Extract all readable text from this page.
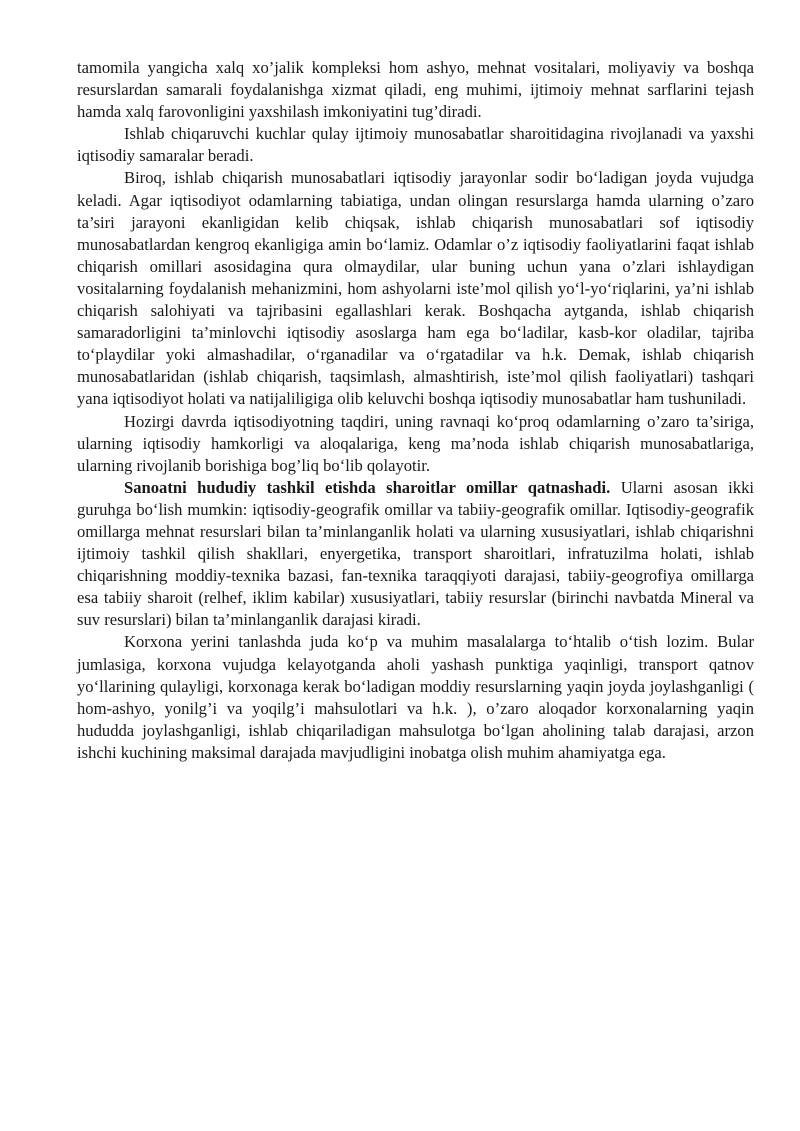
tamomila yangicha xalq xo’jalik kompleksi hom ashyo, mehnat vositalari, moliyaviy va boshqa resurslardan samarali foydalanishga xizmat qiladi, eng muhimi, ijtimoiy mehnat sarflarini tejash hamda xalq farovonligini yaxshilash imkoniyatini tug’diradi.

Ishlab chiqaruvchi kuchlar qulay ijtimoiy munosabatlar sharoitidagina rivojlanadi va yaxshi iqtisodiy samaralar beradi.

Biroq, ishlab chiqarish munosabatlari iqtisodiy jarayonlar sodir bo‘ladigan joyda vujudga keladi. Agar iqtisodiyot odamlarning tabiatiga, undan olingan resurslarga hamda ularning o’zaro ta’siri jarayoni ekanligidan kelib chiqsak, ishlab chiqarish munosabatlari sof iqtisodiy munosabatlardan kengroq ekanligiga amin bo‘lamiz. Odamlar o’z iqtisodiy faoliyatlarini faqat ishlab chiqarish omillari asosidagina qura olmaydilar, ular buning uchun yana o’zlari ishlaydigan vositalarning foydalanish mehanizmini, hom ashyolarni iste’mol qilish yo‘l-yo‘riqlarini, ya’ni ishlab chiqarish salohiyati va tajribasini egallashlari kerak. Boshqacha aytganda, ishlab chiqarish samaradorligini ta’minlovchi iqtisodiy asoslarga ham ega bo‘ladilar, kasb-kor oladilar, tajriba to‘playdilar yoki almashadilar, o‘rganadilar va o‘rgatadilar va h.k. Demak, ishlab chiqarish munosabatlaridan (ishlab chiqarish, taqsimlash, almashtirish, iste’mol qilish faoliyatlari) tashqari yana iqtisodiyot holati va natijaliligiga olib keluvchi boshqa iqtisodiy munosabatlar ham tushuniladi.

Hozirgi davrda iqtisodiyotning taqdiri, uning ravnaqi ko‘proq odamlarning o’zaro ta’siriga, ularning iqtisodiy hamkorligi va aloqalariga, keng ma’noda ishlab chiqarish munosabatlariga, ularning rivojlanib borishiga bog’liq bo‘lib qolayotir.

Sanoatni hududiy tashkil etishda sharoitlar omillar qatnashadi. Ularni asosan ikki guruhga bo‘lish mumkin: iqtisodiy-geografik omillar va tabiiy-geografik omillar. Iqtisodiy-geografik omillarga mehnat resurslari bilan ta’minlanganlik holati va ularning xususiyatlari, ishlab chiqarishni ijtimoiy tashkil qilish shakllari, enyergetika, transport sharoitlari, infratuzilma holati, ishlab chiqarishning moddiy-texnika bazasi, fan-texnika taraqqiyoti darajasi, tabiiy-geogrofiya omillarga esa tabiiy sharoit (relhef, iklim kabilar) xususiyatlari, tabiiy resurslar (birinchi navbatda Mineral va suv resurslari) bilan ta’minlanganlik darajasi kiradi.

Korxona yerini tanlashda juda ko‘p va muhim masalalarga to‘htalib o‘tish lozim. Bular jumlasiga, korxona vujudga kelayotganda aholi yashash punktiga yaqinligi, transport qatnov yo‘llarining qulayligi, korxonaga kerak bo‘ladigan moddiy resurslarning yaqin joyda joylashganligi ( hom-ashyo, yonilg’i va yoqilg’i mahsulotlari va h.k. ), o’zaro aloqador korxonalarning yaqin hududda joylashganligi, ishlab chiqariladigan mahsulotga bo‘lgan aholining talab darajasi, arzon ishchi kuchining maksimal darajada mavjudligini inobatga olish muhim ahamiyatga ega.
